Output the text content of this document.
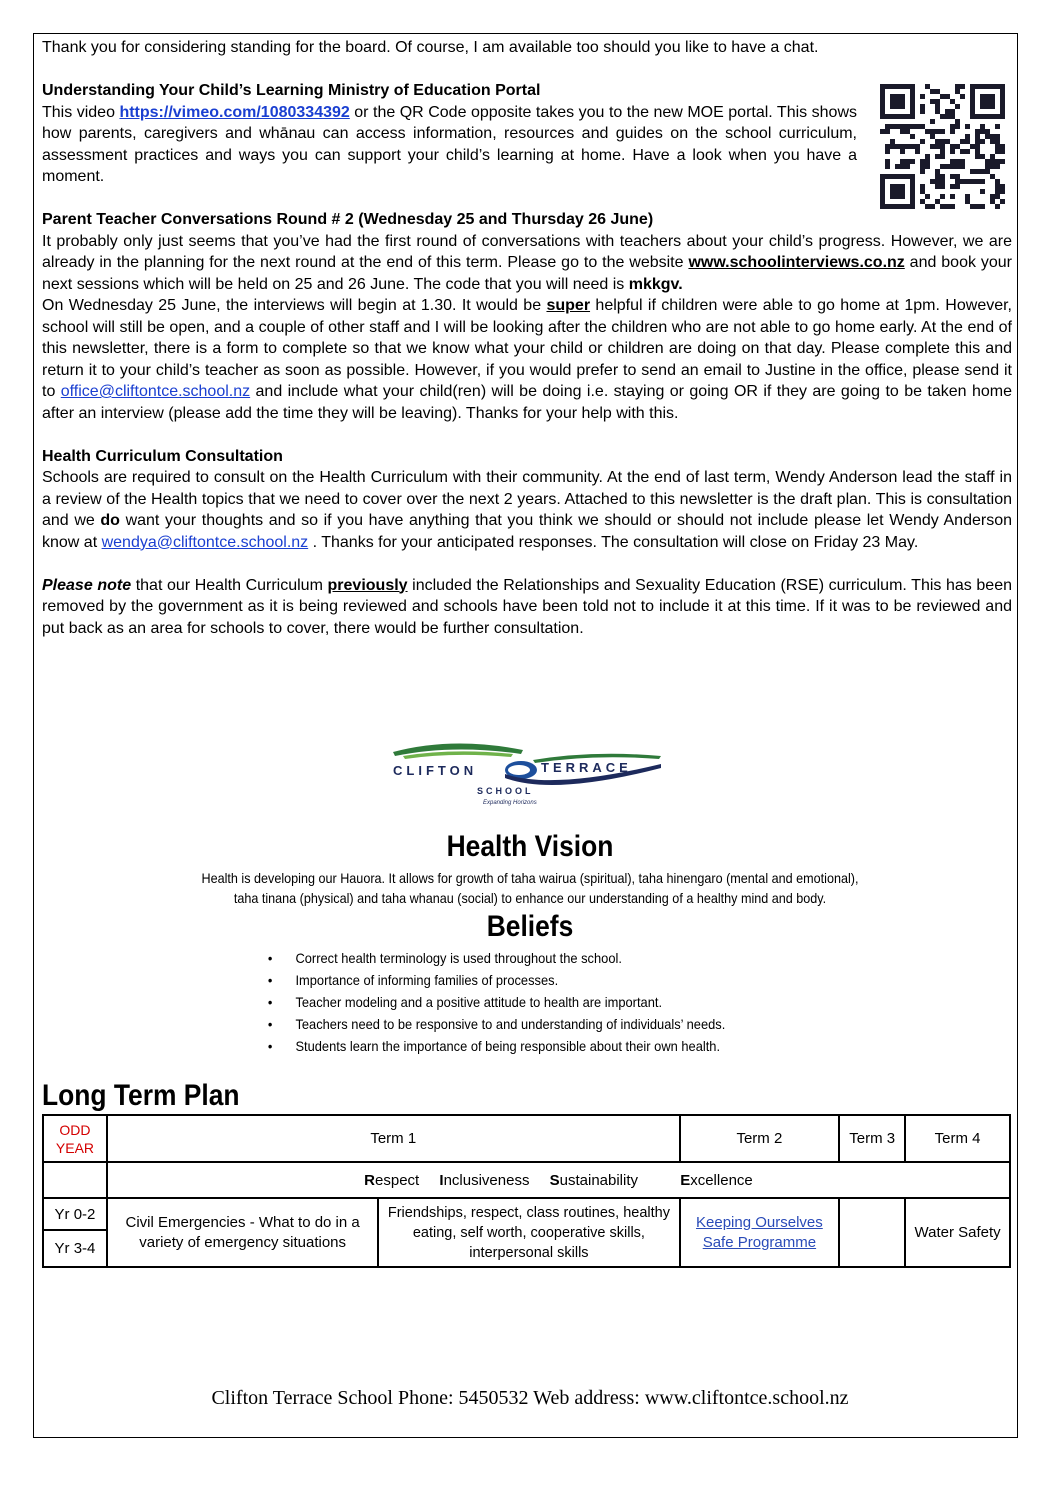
Thank you for considering standing for the board. Of course, I am available too should you like to have a chat.

Understanding Your Child’s Learning Ministry of Education Portal

This video https://vimeo.com/1080334392 or the QR Code opposite takes you to the new MOE portal. This shows how parents, caregivers and whānau can access information, resources and guides on the school curriculum, assessment practices and ways you can support your child’s learning at home. Have a look when you have a moment.

Parent Teacher Conversations Round # 2 (Wednesday 25 and Thursday 26 June)

It probably only just seems that you’ve had the first round of conversations with teachers about your child’s progress. However, we are already in the planning for the next round at the end of this term. Please go to the website www.schoolinterviews.co.nz and book your next sessions which will be held on 25 and 26 June. The code that you will need is mkkgv.

On Wednesday 25 June, the interviews will begin at 1.30. It would be super helpful if children were able to go home at 1pm. However, school will still be open, and a couple of other staff and I will be looking after the children who are not able to go home early. At the end of this newsletter, there is a form to complete so that we know what your child or children are doing on that day. Please complete this and return it to your child’s teacher as soon as possible. However, if you would prefer to send an email to Justine in the office, please send it to office@cliftontce.school.nz and include what your child(ren) will be doing i.e. staying or going OR if they are going to be taken home after an interview (please add the time they will be leaving). Thanks for your help with this.

Health Curriculum Consultation

Schools are required to consult on the Health Curriculum with their community. At the end of last term, Wendy Anderson lead the staff in a review of the Health topics that we need to cover over the next 2 years. Attached to this newsletter is the draft plan. This is consultation and we do want your thoughts and so if you have anything that you think we should or should not include please let Wendy Anderson know at wendya@cliftontce.school.nz . Thanks for your anticipated responses. The consultation will close on Friday 23 May.

Please note that our Health Curriculum previously included the Relationships and Sexuality Education (RSE) curriculum. This has been removed by the government as it is being reviewed and schools have been told not to include it at this time. If it was to be reviewed and put back as an area for schools to cover, there would be further consultation.

CLIFTON	TERRACE
SCHOOL
Expanding Horizons
Health Vision
Health is developing our Hauora. It allows for growth of taha wairua (spiritual), taha hinengaro (mental and emotional),
taha tinana (physical) and taha whanau (social) to enhance our understanding of a healthy mind and body.
Beliefs
• Correct health terminology is used throughout the school.
• Importance of informing families of processes.
• Teacher modeling and a positive attitude to health are important.
• Teachers need to be responsive to and understanding of individuals’ needs.
• Students learn the importance of being responsible about their own health.
Long Term Plan
ODD
YEAR	Term 1		Term 2	Term 3	Term 4
	Respect Inclusiveness Sustainability Excellence				
Yr 0-2	Civil Emergencies - What to do in a variety of emergency situations	Friendships, respect, class routines, healthy eating, self worth, cooperative skills, interpersonal skills	Keeping Ourselves Safe Programme		Water Safety
Yr 3-4					
Clifton Terrace School Phone: 5450532 Web address: www.cliftontce.school.nz
